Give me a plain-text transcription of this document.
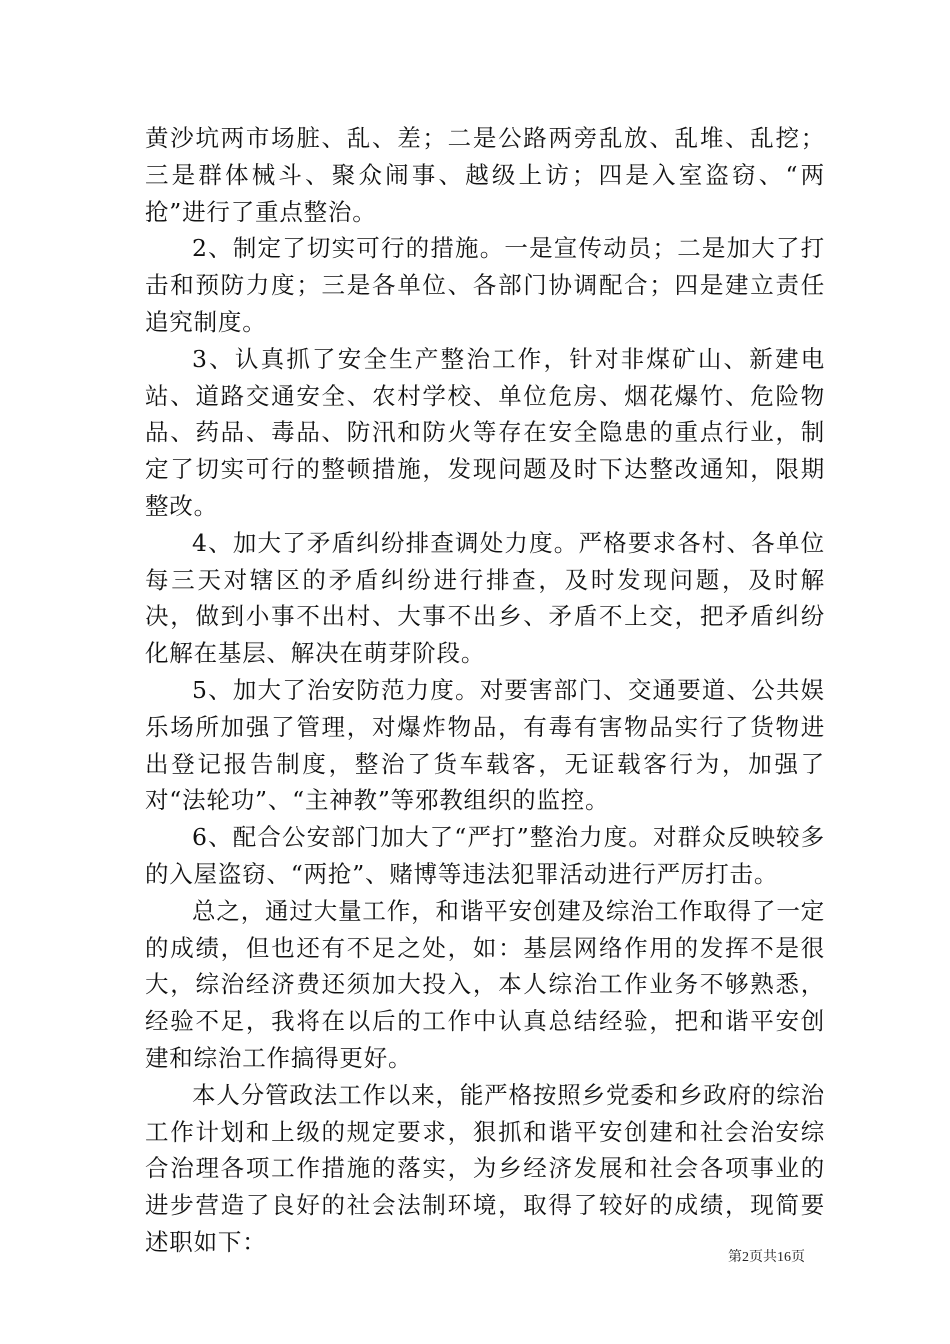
黄沙坑两市场脏、乱、差；二是公路两旁乱放、乱堆、乱挖；三是群体械斗、聚众闹事、越级上访；四是入室盗窃、“两抢”进行了重点整治。

2、制定了切实可行的措施。一是宣传动员；二是加大了打击和预防力度；三是各单位、各部门协调配合；四是建立责任追究制度。

3、认真抓了安全生产整治工作，针对非煤矿山、新建电站、道路交通安全、农村学校、单位危房、烟花爆竹、危险物品、药品、毒品、防汛和防火等存在安全隐患的重点行业，制定了切实可行的整顿措施，发现问题及时下达整改通知，限期整改。

4、加大了矛盾纠纷排查调处力度。严格要求各村、各单位每三天对辖区的矛盾纠纷进行排查，及时发现问题，及时解决，做到小事不出村、大事不出乡、矛盾不上交，把矛盾纠纷化解在基层、解决在萌芽阶段。

5、加大了治安防范力度。对要害部门、交通要道、公共娱乐场所加强了管理，对爆炸物品，有毒有害物品实行了货物进出登记报告制度，整治了货车载客，无证载客行为，加强了对“法轮功”、“主神教”等邪教组织的监控。

6、配合公安部门加大了“严打”整治力度。对群众反映较多的入屋盗窃、“两抢”、赌博等违法犯罪活动进行严厉打击。

总之，通过大量工作，和谐平安创建及综治工作取得了一定的成绩，但也还有不足之处，如：基层网络作用的发挥不是很大，综治经济费还须加大投入，本人综治工作业务不够熟悉，经验不足，我将在以后的工作中认真总结经验，把和谐平安创建和综治工作搞得更好。

本人分管政法工作以来，能严格按照乡党委和乡政府的综治工作计划和上级的规定要求，狠抓和谐平安创建和社会治安综合治理各项工作措施的落实，为乡经济发展和社会各项事业的进步营造了良好的社会法制环境，取得了较好的成绩，现简要述职如下：

第2页共16页
